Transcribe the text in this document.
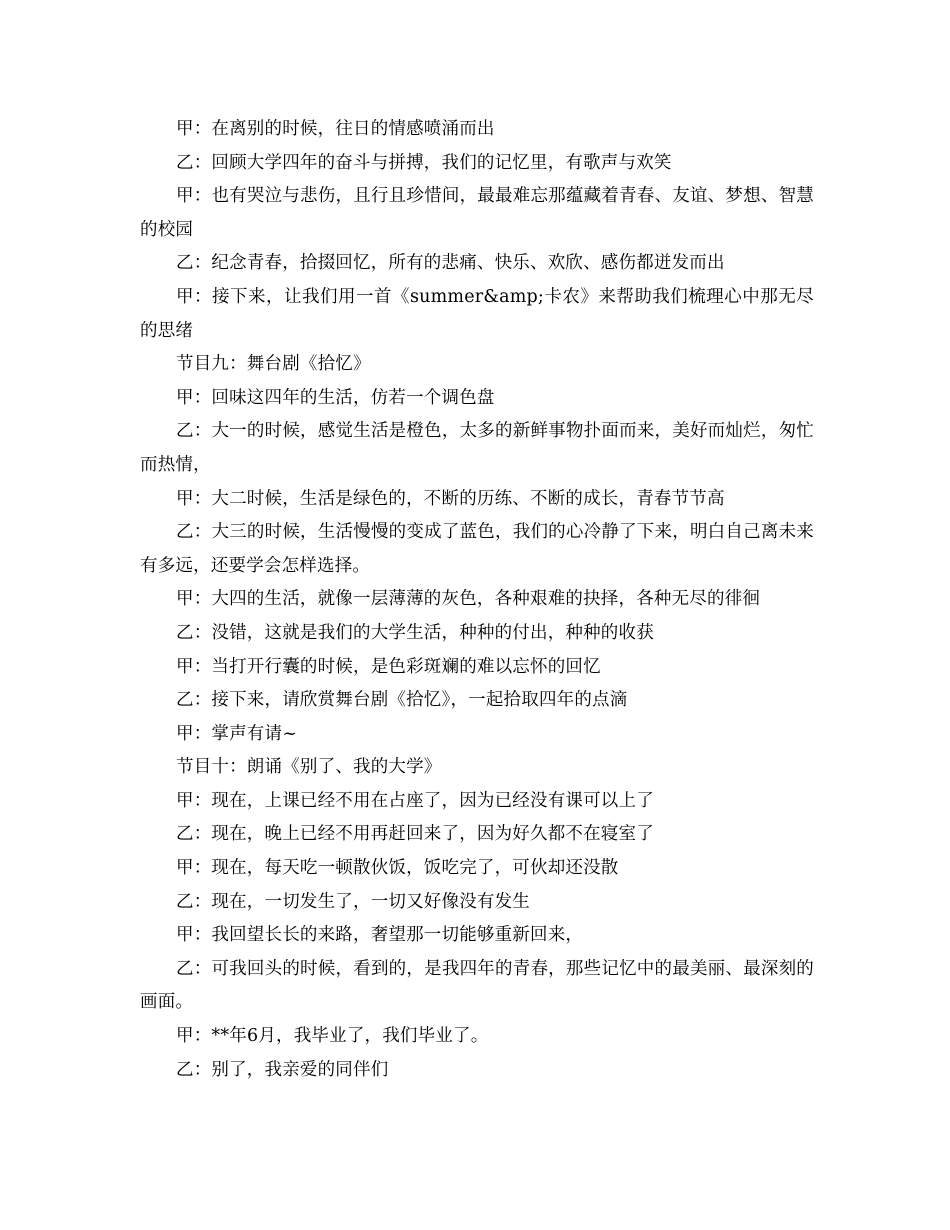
甲：在离别的时候，往日的情感喷涌而出

乙：回顾大学四年的奋斗与拼搏，我们的记忆里，有歌声与欢笑

甲：也有哭泣与悲伤，且行且珍惜间，最最难忘那蕴藏着青春、友谊、梦想、智慧的校园

乙：纪念青春，拾掇回忆，所有的悲痛、快乐、欢欣、感伤都迸发而出

甲：接下来，让我们用一首《summer&amp;卡农》来帮助我们梳理心中那无尽的思绪

节目九：舞台剧《拾忆》

甲：回味这四年的生活，仿若一个调色盘

乙：大一的时候，感觉生活是橙色，太多的新鲜事物扑面而来，美好而灿烂，匆忙而热情，

甲：大二时候，生活是绿色的，不断的历练、不断的成长，青春节节高

乙：大三的时候，生活慢慢的变成了蓝色，我们的心冷静了下来，明白自己离未来有多远，还要学会怎样选择。

甲：大四的生活，就像一层薄薄的灰色，各种艰难的抉择，各种无尽的徘徊

乙：没错，这就是我们的大学生活，种种的付出，种种的收获

甲：当打开行囊的时候，是色彩斑斓的难以忘怀的回忆

乙：接下来，请欣赏舞台剧《拾忆》，一起拾取四年的点滴

甲：掌声有请~

节目十：朗诵《别了、我的大学》

甲：现在，上课已经不用在占座了，因为已经没有课可以上了

乙：现在，晚上已经不用再赶回来了，因为好久都不在寝室了

甲：现在，每天吃一顿散伙饭，饭吃完了，可伙却还没散

乙：现在，一切发生了，一切又好像没有发生

甲：我回望长长的来路，奢望那一切能够重新回来，

乙：可我回头的时候，看到的，是我四年的青春，那些记忆中的最美丽、最深刻的画面。

甲：**年6月，我毕业了，我们毕业了。

乙：别了，我亲爱的同伴们
